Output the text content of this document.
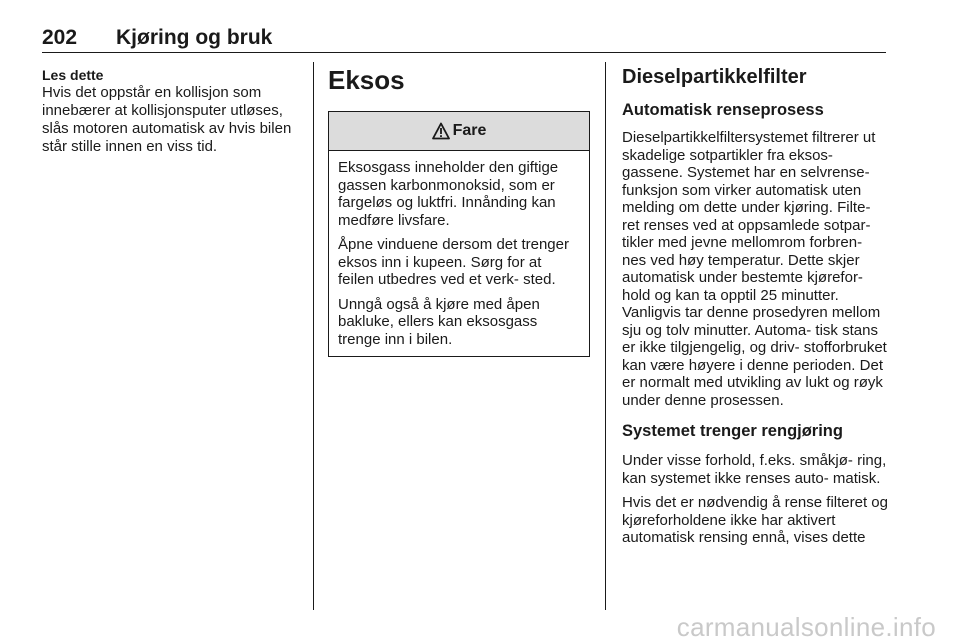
202 Kjøring og bruk
Les dette
Hvis det oppstår en kollisjon som innebærer at kollisjonsputer utløses, slås motoren automatisk av hvis bilen står stille innen en viss tid.
Eksos
Fare

Eksosgass inneholder den giftige gassen karbonmonoksid, som er fargeløs og luktfri. Innånding kan medføre livsfare.

Åpne vinduene dersom det trenger eksos inn i kupeen. Sørg for at feilen utbedres ved et verk- sted.

Unngå også å kjøre med åpen bakluke, ellers kan eksosgass trenge inn i bilen.

Dieselpartikkelfilter
Automatisk renseprosess

Dieselpartikkelfiltersystemet filtrerer ut skadelige sotpartikler fra eksos- gassene. Systemet har en selvrense- funksjon som virker automatisk uten melding om dette under kjøring. Filte- ret renses ved at oppsamlede sotpar- tikler med jevne mellomrom forbren- nes ved høy temperatur. Dette skjer automatisk under bestemte kjørefor- hold og kan ta opptil 25 minutter. Vanligvis tar denne prosedyren mellom sju og tolv minutter. Automa- tisk stans er ikke tilgjengelig, og driv- stofforbruket kan være høyere i denne perioden. Det er normalt med utvikling av lukt og røyk under denne prosessen.

Systemet trenger rengjøring

Under visse forhold, f.eks. småkjø- ring, kan systemet ikke renses auto- matisk.

Hvis det er nødvendig å rense filteret og kjøreforholdene ikke har aktivert automatisk rensing ennå, vises dette

carmanualsonline.info
